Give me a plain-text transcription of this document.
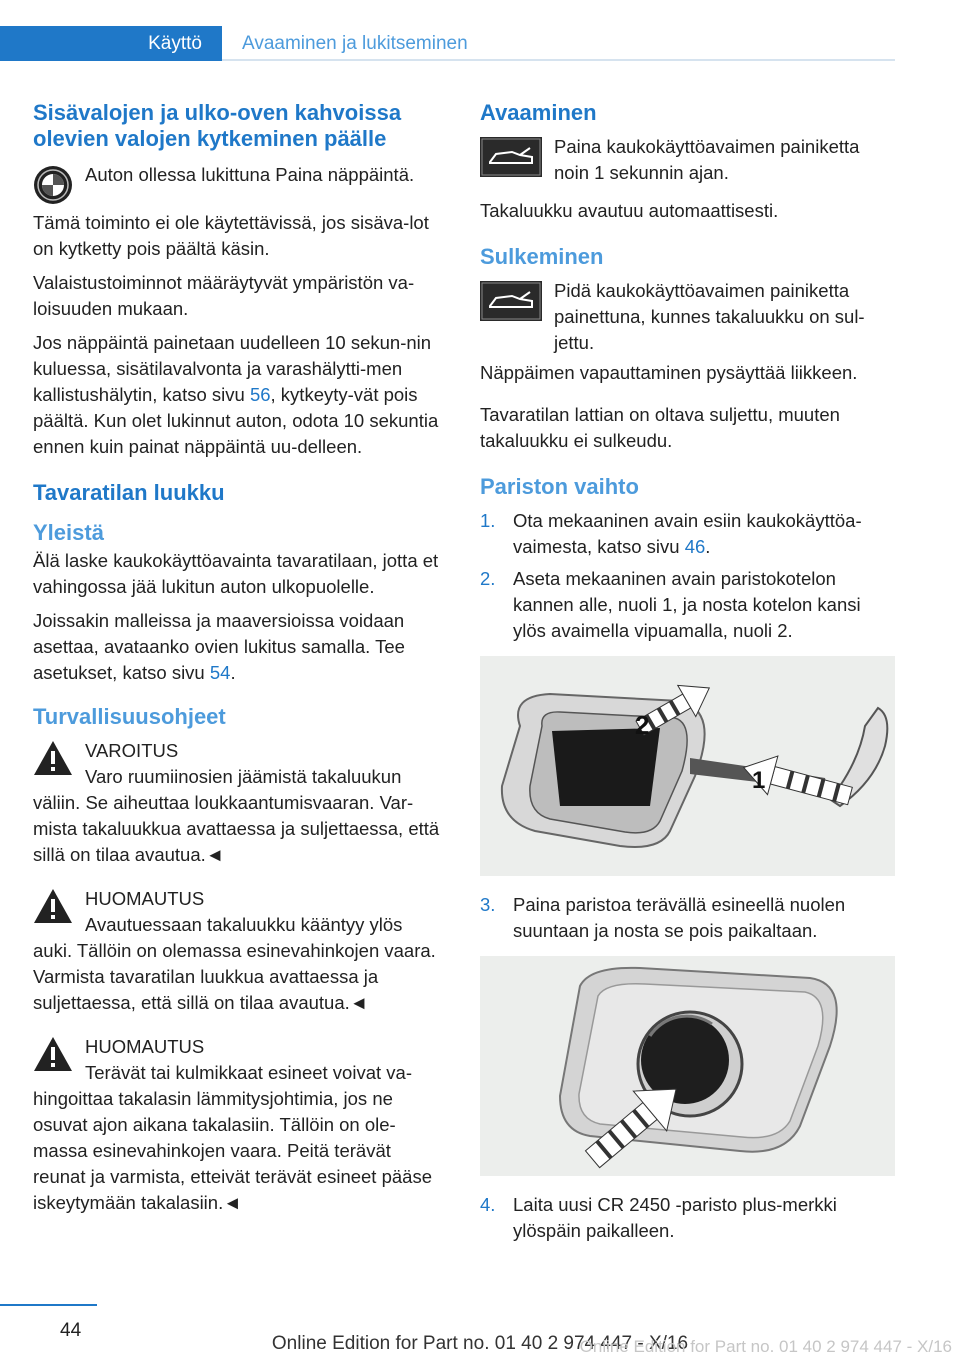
Käyttö	Avaaminen ja lukitseminen
Sisävalojen ja ulko-oven kahvoissa olevien valojen kytkeminen päälle
Auton ollessa lukittuna Paina näppäintä.

Tämä toiminto ei ole käytettävissä, jos sisäva-lot on kytketty pois päältä käsin.

Valaistustoiminnot määräytyvät ympäristön va-loisuuden mukaan.

Jos näppäintä painetaan uudelleen 10 sekun-nin kuluessa, sisätilavalvonta ja varashälytti-men kallistushälytin, katso sivu 56, kytkeyty-vät pois päältä. Kun olet lukinnut auton, odota 10 sekuntia ennen kuin painat näppäintä uu-delleen.

Tavaratilan luukku
Yleistä

Älä laske kaukokäyttöavainta tavaratilaan, jotta et vahingossa jää lukitun auton ulkopuolelle.

Joissakin malleissa ja maaversioissa voidaan asettaa, avataanko ovien lukitus samalla. Tee asetukset, katso sivu 54.

Turvallisuusohjeet
VAROITUS
Varo ruumiinosien jäämistä takaluukun
väliin. Se aiheuttaa loukkaantumisvaaran. Var-mista takaluukkua avattaessa ja suljettaessa, että sillä on tilaa avautua.◄
HUOMAUTUS
Avautuessaan takaluukku kääntyy ylös
auki. Tällöin on olemassa esinevahinkojen vaara. Varmista tavaratilan luukkua avattaessa ja suljettaessa, että sillä on tilaa avautua.◄
HUOMAUTUS
Terävät tai kulmikkaat esineet voivat va-
hingoittaa takalasin lämmitysjohtimia, jos ne osuvat ajon aikana takalasiin. Tällöin on ole-massa esinevahinkojen vaara. Peitä terävät reunat ja varmista, etteivät terävät esineet pääse iskeytymään takalasiin.◄
Avaaminen
Paina kaukokäyttöavaimen painiketta noin 1 sekunnin ajan.

Takaluukku avautuu automaattisesti.

Sulkeminen
Pidä kaukokäyttöavaimen painiketta painettuna, kunnes takaluukku on sul-jettu.

Näppäimen vapauttaminen pysäyttää liikkeen.

Tavaratilan lattian on oltava suljettu, muuten takaluukku ei sulkeudu.

Pariston vaihto
1. Ota mekaaninen avain esiin kaukokäyttöa-vaimesta, katso sivu 46.
2. Aseta mekaaninen avain paristokotelon kannen alle, nuoli 1, ja nosta kotelon kansi ylös avaimella vipuamalla, nuoli 2.
2
1
3. Paina paristoa terävällä esineellä nuolen suuntaan ja nosta se pois paikaltaan.
4. Laita uusi CR 2450 -paristo plus-merkki ylöspäin paikalleen.
44
Online Edition for Part no. 01 40 2 974 447 - X/16
Online Edition for Part no. 01 40 2 974 447 - X/16
